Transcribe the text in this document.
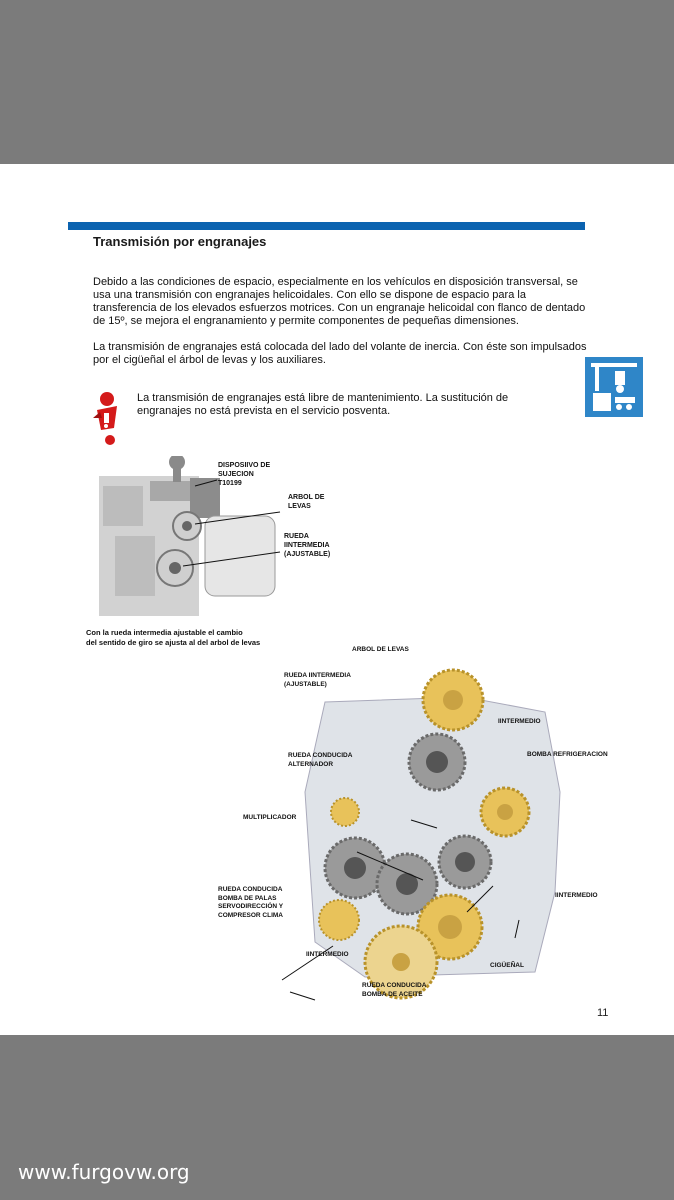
Transmisión por engranajes
Debido a las condiciones de espacio, especialmente en los vehículos en disposición transversal, se
usa una transmisión con engranajes helicoidales. Con ello se dispone de espacio para la
transferencia de los elevados esfuerzos motrices. Con un engranaje helicoidal con flanco de dentado
de 15º, se mejora el engranamiento y permite componentes de pequeñas dimensiones.
La transmisión de engranajes está colocada del lado del volante de inercia. Con éste son impulsados
por el cigüeñal el árbol de levas y los auxiliares.
La transmisión de engranajes está libre de mantenimiento. La sustitución de
engranajes no está prevista en el servicio posventa.
DISPOSIIVO DE
SUJECION
T10199
ARBOL DE
LEVAS
RUEDA
IINTERMEDIA
(AJUSTABLE)
Con la rueda intermedia ajustable el cambio
del sentido de giro se ajusta al del arbol de levas
ARBOL DE LEVAS
RUEDA IINTERMEDIA
(AJUSTABLE)
IINTERMEDIO
RUEDA CONDUCIDA
ALTERNADOR
BOMBA REFRIGERACION
MULTIPLICADOR
RUEDA CONDUCIDA
BOMBA DE PALAS
SERVODIRECCIÓN Y
COMPRESOR CLIMA
IINTERMEDIO
IINTERMEDIO
CIGÜEÑAL
RUEDA CONDUCIDA
BOMBA DE ACEITE
11
www.furgovw.org
